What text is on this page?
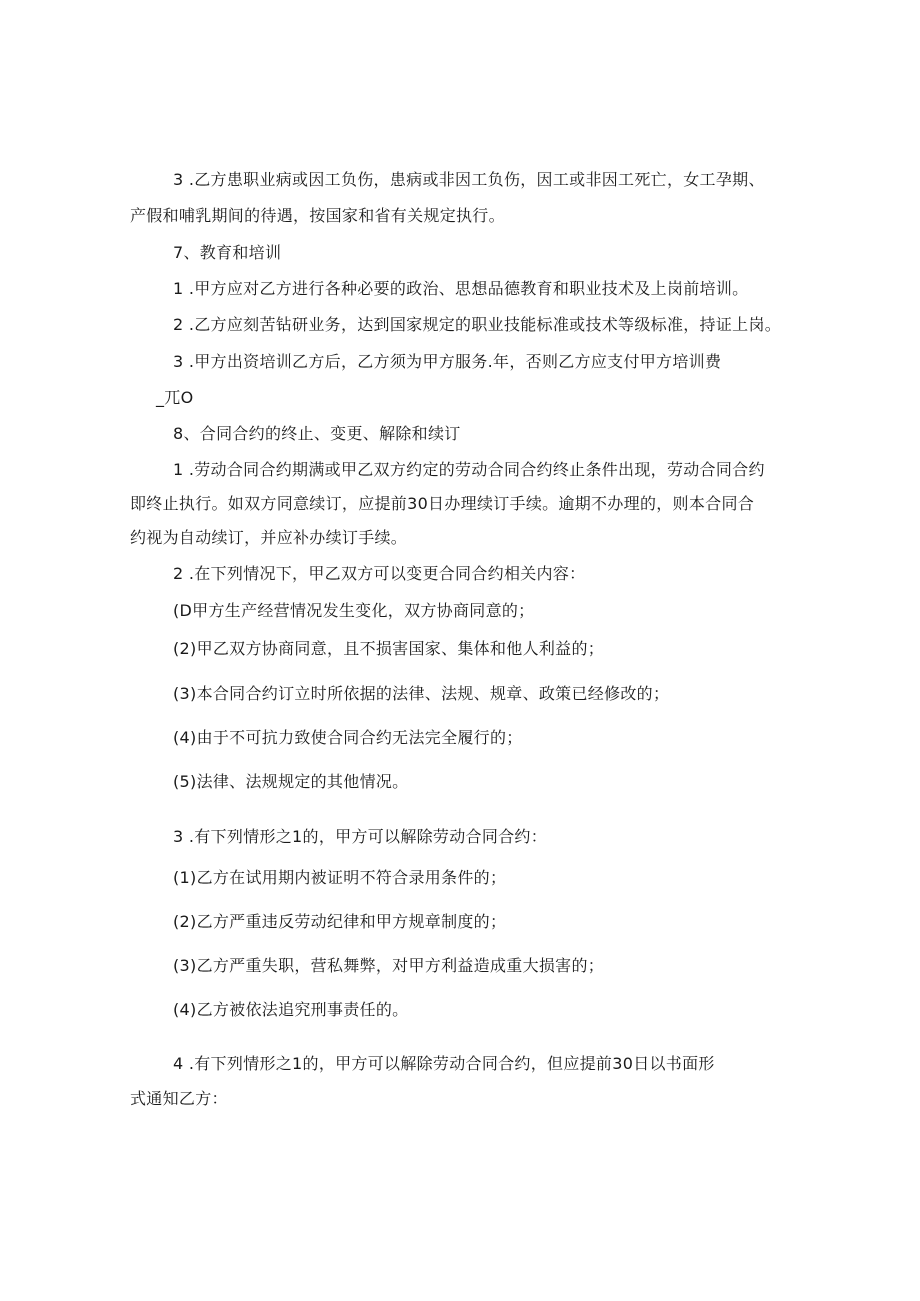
3 .乙方患职业病或因工负伤，患病或非因工负伤，因工或非因工死亡，女工孕期、
产假和哺乳期间的待遇，按国家和省有关规定执行。
7、教育和培训
1 .甲方应对乙方进行各种必要的政治、思想品德教育和职业技术及上岗前培训。
2 .乙方应刻苦钻研业务，达到国家规定的职业技能标准或技术等级标准，持证上岗。
3 .甲方出资培训乙方后，乙方须为甲方服务.年，否则乙方应支付甲方培训费
_兀O
8、合同合约的终止、变更、解除和续订
1 .劳动合同合约期满或甲乙双方约定的劳动合同合约终止条件出现，劳动合同合约
即终止执行。如双方同意续订，应提前30日办理续订手续。逾期不办理的，则本合同合
约视为自动续订，并应补办续订手续。
2 .在下列情况下，甲乙双方可以变更合同合约相关内容：
(D甲方生产经营情况发生变化，双方协商同意的；
(2)甲乙双方协商同意，且不损害国家、集体和他人利益的；
(3)本合同合约订立时所依据的法律、法规、规章、政策已经修改的；
(4)由于不可抗力致使合同合约无法完全履行的；
(5)法律、法规规定的其他情况。
3 .有下列情形之1的，甲方可以解除劳动合同合约：
(1)乙方在试用期内被证明不符合录用条件的；
(2)乙方严重违反劳动纪律和甲方规章制度的；
(3)乙方严重失职，营私舞弊，对甲方利益造成重大损害的；
(4)乙方被依法追究刑事责任的。
4 .有下列情形之1的，甲方可以解除劳动合同合约，但应提前30日以书面形
式通知乙方：
